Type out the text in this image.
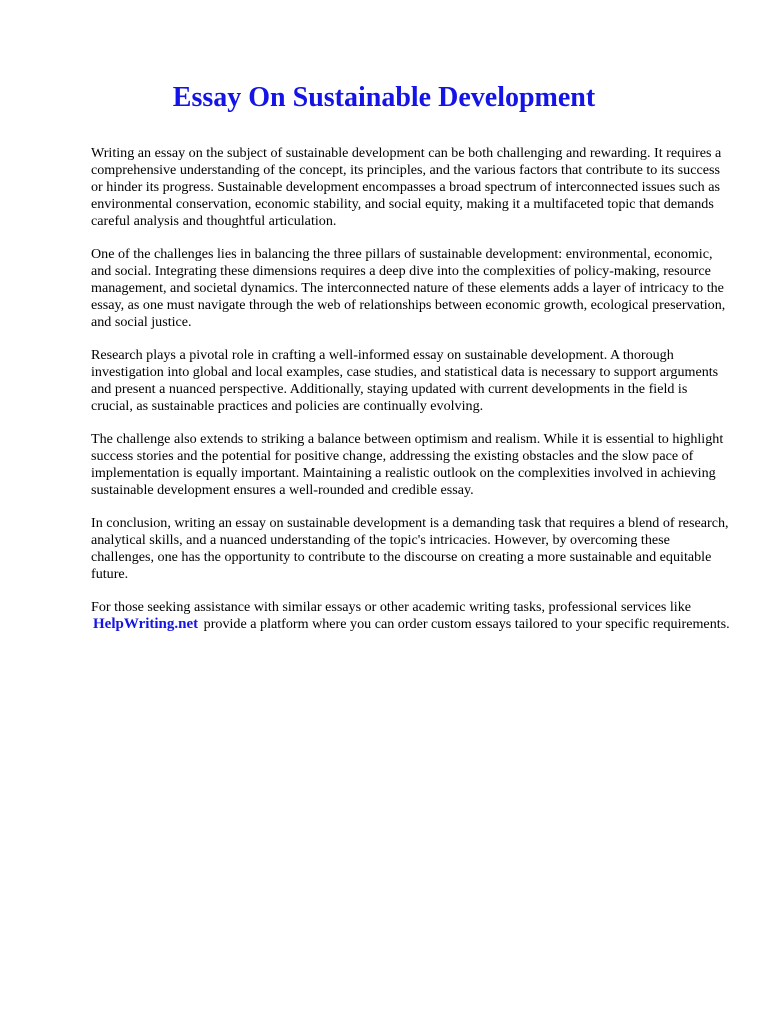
Essay On Sustainable Development

Writing an essay on the subject of sustainable development can be both challenging and rewarding. It requires a comprehensive understanding of the concept, its principles, and the various factors that contribute to its success or hinder its progress. Sustainable development encompasses a broad spectrum of interconnected issues such as environmental conservation, economic stability, and social equity, making it a multifaceted topic that demands careful analysis and thoughtful articulation.

One of the challenges lies in balancing the three pillars of sustainable development: environmental, economic, and social. Integrating these dimensions requires a deep dive into the complexities of policy-making, resource management, and societal dynamics. The interconnected nature of these elements adds a layer of intricacy to the essay, as one must navigate through the web of relationships between economic growth, ecological preservation, and social justice.

Research plays a pivotal role in crafting a well-informed essay on sustainable development. A thorough investigation into global and local examples, case studies, and statistical data is necessary to support arguments and present a nuanced perspective. Additionally, staying updated with current developments in the field is crucial, as sustainable practices and policies are continually evolving.

The challenge also extends to striking a balance between optimism and realism. While it is essential to highlight success stories and the potential for positive change, addressing the existing obstacles and the slow pace of implementation is equally important. Maintaining a realistic outlook on the complexities involved in achieving sustainable development ensures a well-rounded and credible essay.

In conclusion, writing an essay on sustainable development is a demanding task that requires a blend of research, analytical skills, and a nuanced understanding of the topic's intricacies. However, by overcoming these challenges, one has the opportunity to contribute to the discourse on creating a more sustainable and equitable future.

For those seeking assistance with similar essays or other academic writing tasks, professional services like HelpWriting.net provide a platform where you can order custom essays tailored to your specific requirements.
